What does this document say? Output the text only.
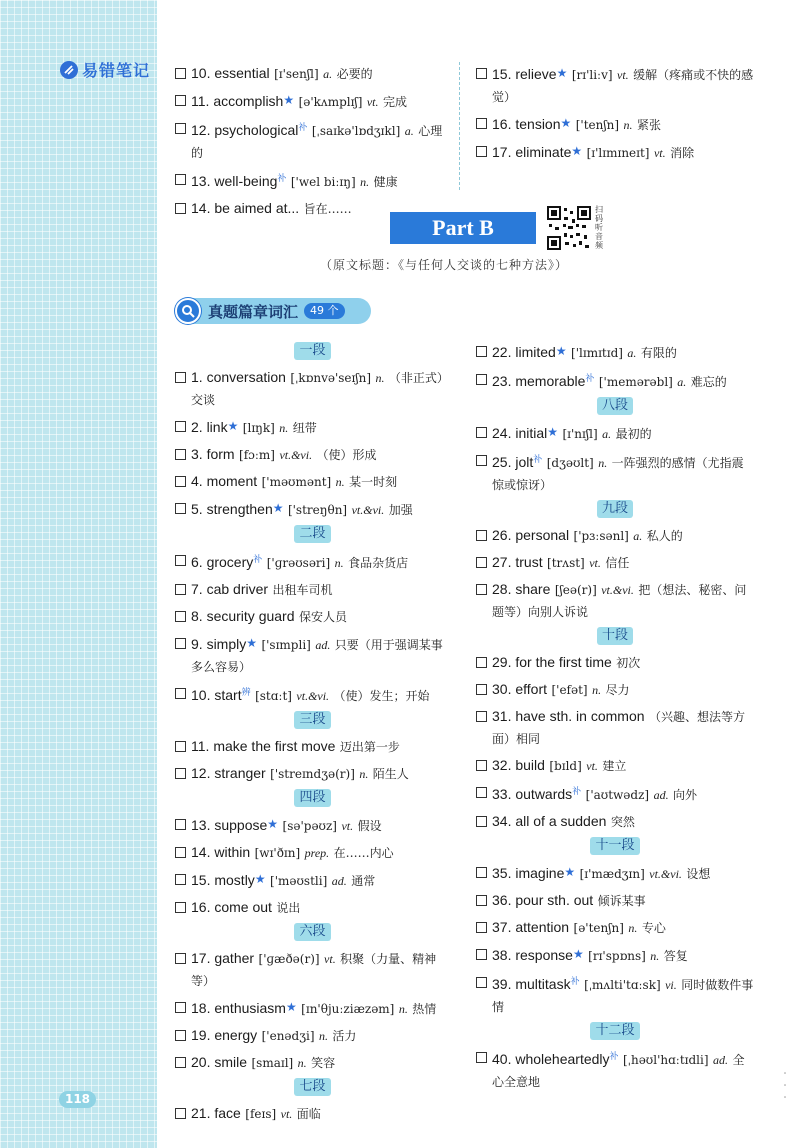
易错笔记
118
10. essential [ɪ'senʃl] a. 必要的
11. accomplish★ [ə'kʌmplɪʃ] vt. 完成
12. psychological$^补$ [ˌsaɪkə'lɒdʒɪkl] a. 心理的
13. well-being$^补$ ['wel biːɪŋ] n. 健康
14. be aimed at... 旨在……
15. relieve★ [rɪ'liːv] vt. 缓解（疼痛或不快的感觉）
16. tension★ ['tenʃn] n. 紧张
17. eliminate★ [ɪ'lɪmɪneɪt] vt. 消除
Part B
扫码听音频
（原文标题：《与任何人交谈的七种方法》）
真题篇章词汇	49 个
一段
1. conversation [ˌkɒnvə'seɪʃn] n. （非正式）交谈
2. link★ [lɪŋk] n. 纽带
3. form [fɔːm] vt.&vi. （使）形成
4. moment ['məʊmənt] n. 某一时刻
5. strengthen★ ['streŋθn] vt.&vi. 加强
二段
6. grocery$^补$ ['ɡrəʊsəri] n. 食品杂货店
7. cab driver 出租车司机
8. security guard 保安人员
9. simply★ ['sɪmpli] ad. 只要（用于强调某事多么容易）
10. start$^辨$ [stɑːt] vt.&vi. （使）发生；开始
三段
11. make the first move 迈出第一步
12. stranger ['streɪndʒə(r)] n. 陌生人
四段
13. suppose★ [sə'pəʊz] vt. 假设
14. within [wɪ'ðɪn] prep. 在……内心
15. mostly★ ['məʊstli] ad. 通常
16. come out 说出
六段
17. gather ['ɡæðə(r)] vt. 积聚（力量、精神等）
18. enthusiasm★ [ɪn'θjuːziæzəm] n. 热情
19. energy ['enədʒi] n. 活力
20. smile [smaɪl] n. 笑容
七段
21. face [feɪs] vt. 面临
22. limited★ ['lɪmɪtɪd] a. 有限的
23. memorable$^补$ ['memərəbl] a. 难忘的
八段
24. initial★ [ɪ'nɪʃl] a. 最初的
25. jolt$^补$ [dʒəʊlt] n. 一阵强烈的感情（尤指震惊或惊讶）
九段
26. personal ['pɜːsənl] a. 私人的
27. trust [trʌst] vt. 信任
28. share [ʃeə(r)] vt.&vi. 把（想法、秘密、问题等）向别人诉说
十段
29. for the first time 初次
30. effort ['efət] n. 尽力
31. have sth. in common （兴趣、想法等方面）相同
32. build [bɪld] vt. 建立
33. outwards$^补$ ['aʊtwədz] ad. 向外
34. all of a sudden 突然
十一段
35. imagine★ [ɪ'mædʒɪn] vt.&vi. 设想
36. pour sth. out 倾诉某事
37. attention [ə'tenʃn] n. 专心
38. response★ [rɪ'spɒns] n. 答复
39. multitask$^补$ [ˌmʌlti'tɑːsk] vi. 同时做数件事情
十二段
40. wholeheartedly$^补$ [ˌhəʊl'hɑːtɪdli] ad. 全心全意地
